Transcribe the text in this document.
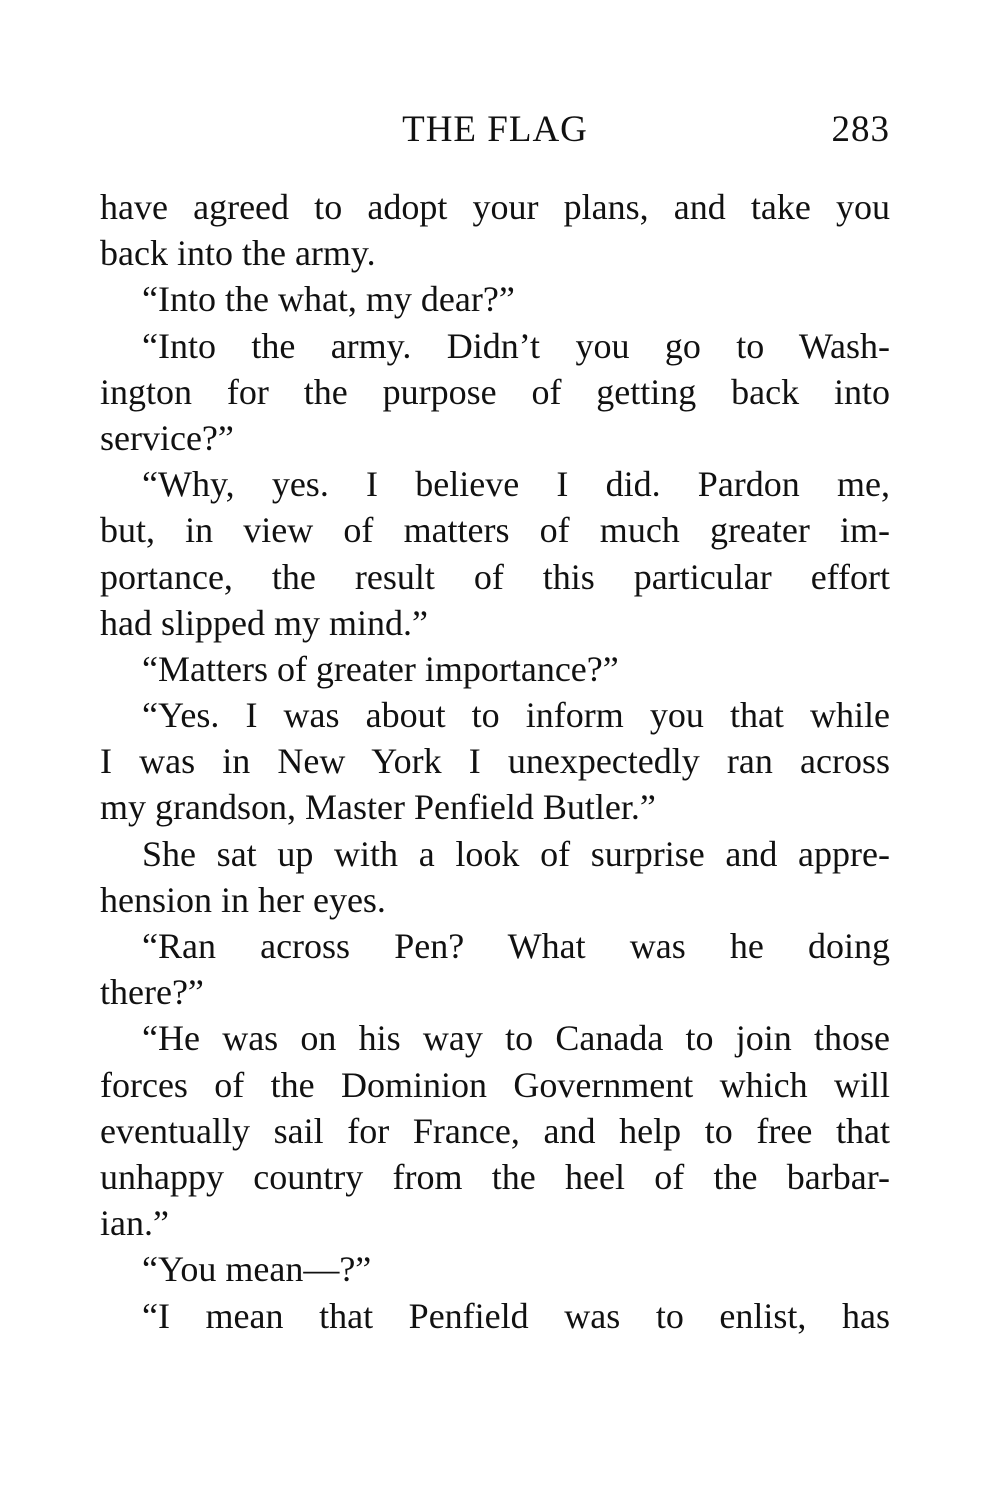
THE FLAG	283
have agreed to adopt your plans, and take you
back into the army.
“Into the what, my dear?”
“Into the army. Didn’t you go to Wash-
ington for the purpose of getting back into
service?”
“Why, yes. I believe I did. Pardon me,
but, in view of matters of much greater im-
portance, the result of this particular effort
had slipped my mind.”
“Matters of greater importance?”
“Yes. I was about to inform you that while
I was in New York I unexpectedly ran across
my grandson, Master Penfield Butler.”
She sat up with a look of surprise and appre-
hension in her eyes.
“Ran across Pen? What was he doing
there?”
“He was on his way to Canada to join those
forces of the Dominion Government which will
eventually sail for France, and help to free that
unhappy country from the heel of the barbar-
ian.”
“You mean—?”
“I mean that Penfield was to enlist, has
